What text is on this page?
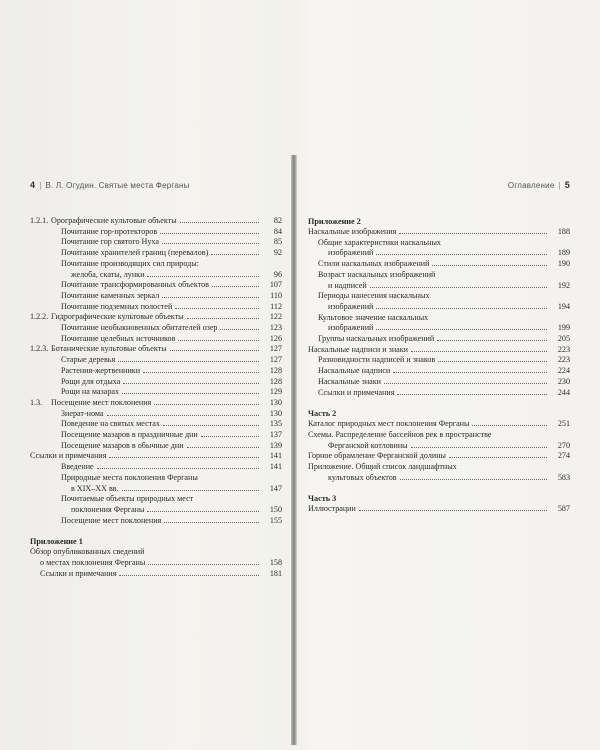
4 | В. Л. Огудин. Святые места Ферганы
1.2.1. Орографические культовые объекты	82
Почитание гор-протекторов	84
Почитание гор святого Нуха	85
Почитание хранителей границ (перевалов)	92
Почитание производящих сил природы:
желоба, скаты, лунки	96
Почитание трансформированных объектов	107
Почитание каменных зеркал	110
Почитание подземных полостей	112
1.2.2. Гидрографические культовые объекты	122
Почитание необыкновенных обитателей озер	123
Почитание целебных источников	126
1.2.3. Ботанические культовые объекты	127
Старые деревья	127
Растения-жертвенники	128
Рощи для отдыха	128
Рощи на мазарах	129
1.3.	Посещение мест поклонения	130
Зиерат-нома	130
Поведение на святых местах	135
Посещение мазаров в праздничные дни	137
Посещение мазаров в обычные дни	139
Ссылки и примечания	141
Введение	141
Природные места поклонения Ферганы
в XIX–XX вв.	147
Почитаемые объекты природных мест
поклонения Ферганы	150
Посещение мест поклонения	155
Приложение 1
Обзор опубликованных сведений
о местах поклонения Ферганы	158
Ссылки и примечания	181
Оглавление | 5
Приложение 2
Наскальные изображения	188
Общие характеристики наскальных
изображений	189
Стили наскальных изображений	190
Возраст наскальных изображений
и надписей	192
Периоды нанесения наскальных
изображений	194
Культовое значение наскальных
изображений	199
Группы наскальных изображений	205
Наскальные надписи и знаки	223
Разновидности надписей и знаков	223
Наскальные надписи	224
Наскальные знаки	230
Ссылки и примечания	244
Часть 2
Каталог природных мест поклонения Ферганы	251
Схемы. Распределение бассейнов рек в пространстве
Ферганской котловины	270
Горное обрамление Ферганской долины	274
Приложение. Общий список ландшафтных
культовых объектов	583
Часть 3
Иллюстрации	587
